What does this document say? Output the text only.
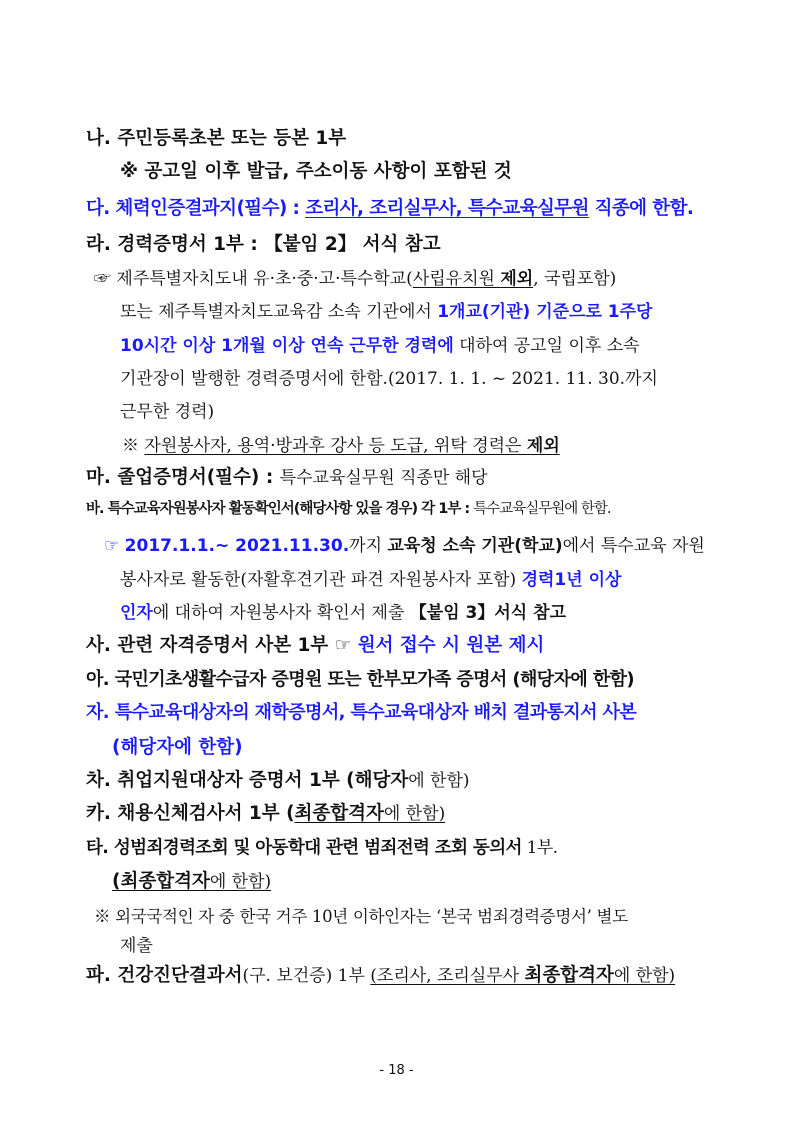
나. 주민등록초본 또는 등본 1부
※ 공고일 이후 발급, 주소이동 사항이 포함된 것
다. 체력인증결과지(필수) : 조리사, 조리실무사, 특수교육실무원 직종에 한함.
라. 경력증명서 1부 : 【붙임 2】 서식 참고
☞ 제주특별자치도내 유·초·중·고·특수학교(사립유치원 제외, 국립포함)
또는 제주특별자치도교육감 소속 기관에서 1개교(기관) 기준으로 1주당
10시간 이상 1개월 이상 연속 근무한 경력에 대하여 공고일 이후 소속
기관장이 발행한 경력증명서에 한함.(2017. 1. 1. ~ 2021. 11. 30.까지
근무한 경력)
※ 자원봉사자, 용역·방과후 강사 등 도급, 위탁 경력은 제외
마. 졸업증명서(필수) : 특수교육실무원 직종만 해당
바. 특수교육자원봉사자 활동확인서(해당사항 있을 경우) 각 1부 : 특수교육실무원에 한함.
☞ 2017.1.1.~ 2021.11.30.까지 교육청 소속 기관(학교)에서 특수교육 자원
봉사자로 활동한(자활후견기관 파견 자원봉사자 포함) 경력1년 이상
인자에 대하여 자원봉사자 확인서 제출 【붙임 3】서식 참고
사. 관련 자격증명서 사본 1부 ☞ 원서 접수 시 원본 제시
아. 국민기초생활수급자 증명원 또는 한부모가족 증명서 (해당자에 한함)
자. 특수교육대상자의 재학증명서, 특수교육대상자 배치 결과통지서 사본
(해당자에 한함)
차. 취업지원대상자 증명서 1부 (해당자에 한함)
카. 채용신체검사서 1부 (최종합격자에 한함)
타. 성범죄경력조회 및 아동학대 관련 범죄전력 조회 동의서 1부.
(최종합격자에 한함)
※ 외국국적인 자 중 한국 거주 10년 이하인자는 ‘본국 범죄경력증명서’ 별도
제출
파. 건강진단결과서(구. 보건증) 1부 (조리사, 조리실무사 최종합격자에 한함)
- 18 -
